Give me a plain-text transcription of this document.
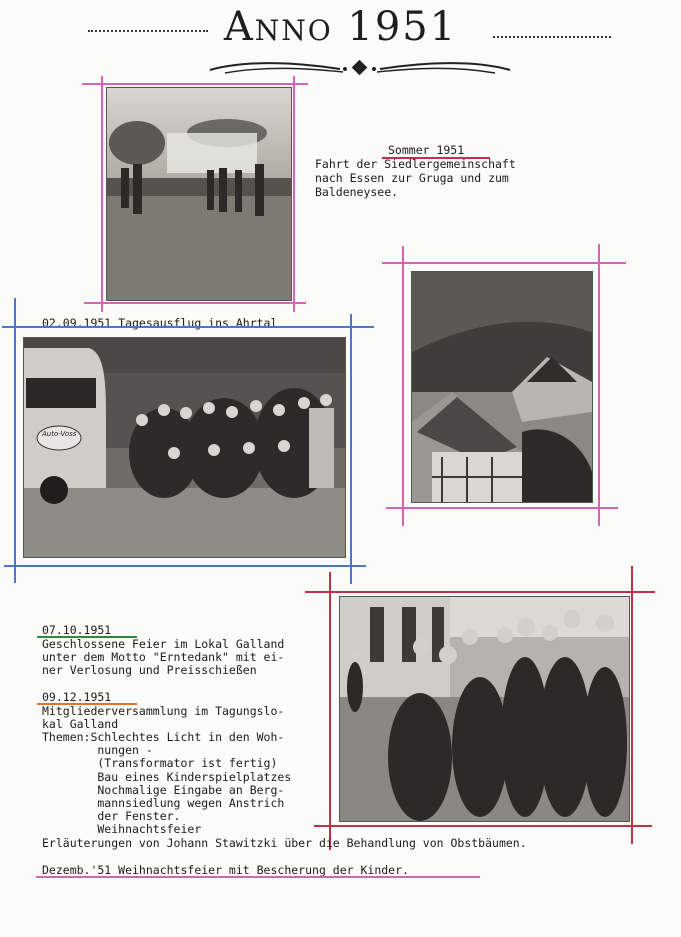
Anno 1951
Sommer 1951
Fahrt der Siedlergemeinschaft
nach Essen zur Gruga und zum
Baldeneysee.
02.09.1951 Tagesausflug ins Ahrtal
Auto-Voss
07.10.1951
Geschlossene Feier im Lokal Galland
unter dem Motto "Erntedank" mit ei-
ner Verlosung und Preisschießen
09.12.1951
Mitgliederversammlung im Tagungslo-
kal Galland
Themen:Schlechtes Licht in den Woh-
nungen -
(Transformator ist fertig)
Bau eines Kinderspielplatzes
Nochmalige Eingabe an Berg-
mannsiedlung wegen Anstrich
der Fenster.
Weihnachtsfeier
Erläuterungen von Johann Stawitzki über die Behandlung von Obstbäumen.
Dezemb.'51 Weihnachtsfeier mit Bescherung der Kinder.
